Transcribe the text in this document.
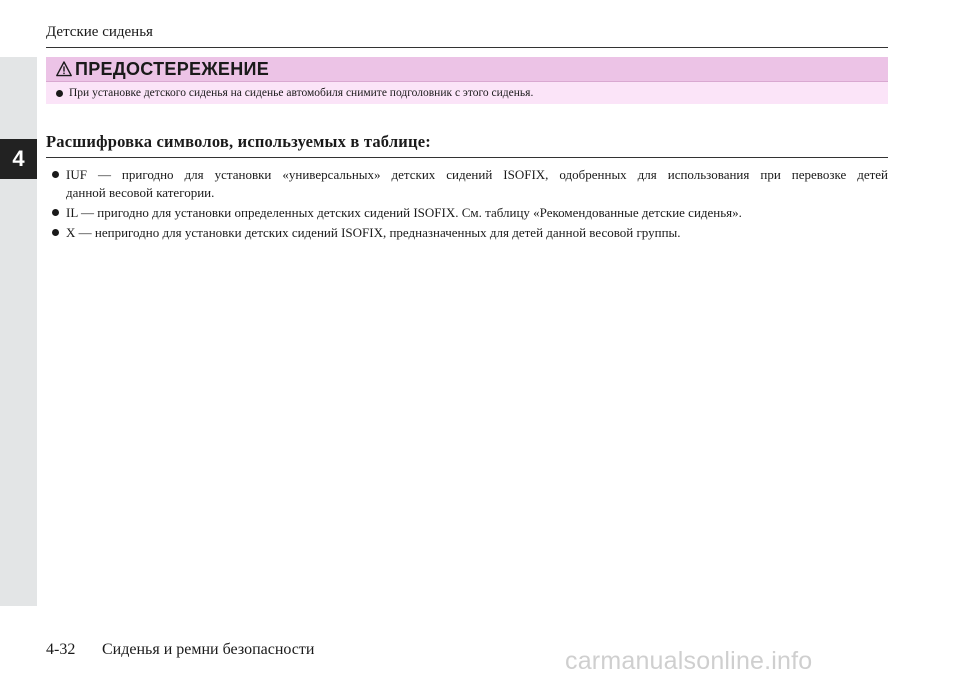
4
Детские сиденья
ПРЕДОСТЕРЕЖЕНИЕ
При установке детского сиденья на сиденье автомобиля снимите подголовник с этого сиденья.
Расшифровка символов, используемых в таблице:
IUF — пригодно для установки «универсальных» детских сидений ISOFIX, одобренных для использования при перевозке детей
данной весовой категории.
IL — пригодно для установки определенных детских сидений ISOFIX. См. таблицу «Рекомендованные детские сиденья».
X — непригодно для установки детских сидений ISOFIX, предназначенных для детей данной весовой группы.
4-32 Сиденья и ремни безопасности	carmanualsonline.info
